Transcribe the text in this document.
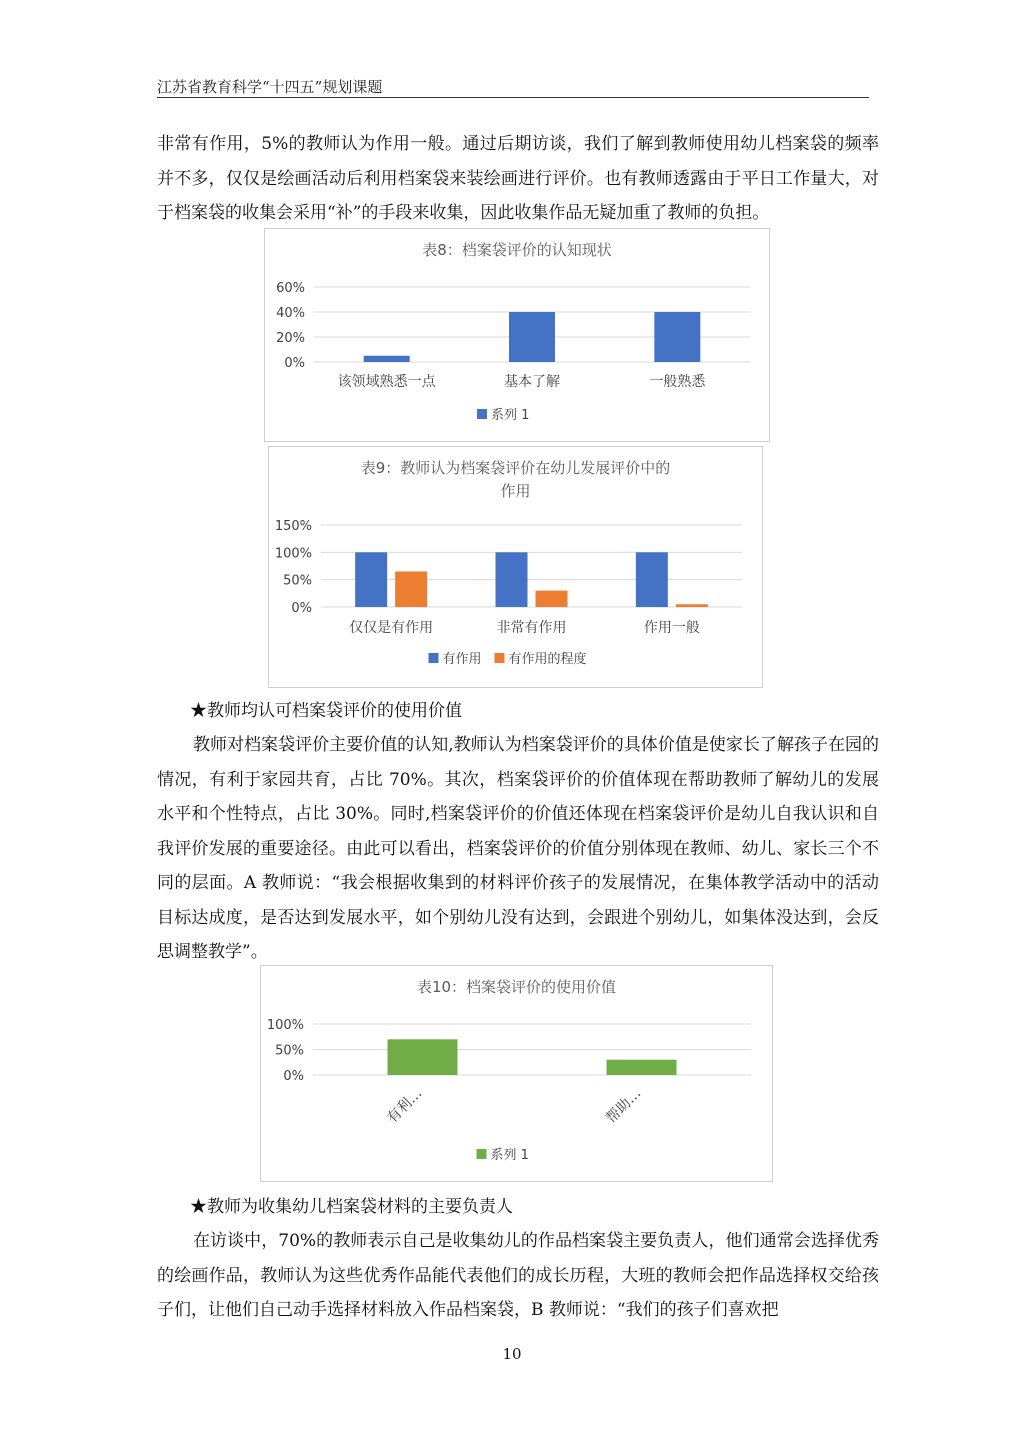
江苏省教育科学“十四五”规划课题

非常有作用，5%的教师认为作用一般。通过后期访谈，我们了解到教师使用幼儿档案袋的频率并不多，仅仅是绘画活动后利用档案袋来装绘画进行评价。也有教师透露由于平日工作量大，对于档案袋的收集会采用“补”的手段来收集，因此收集作品无疑加重了教师的负担。

表8：档案袋评价的认知现状
0%
20%
40%
60%
该领域熟悉一点	基本了解	一般熟悉
系列 1
表9：教师认为档案袋评价在幼儿发展评价中的
作用
0%
50%
100%
150%
仅仅是有作用	非常有作用	作用一般
有作用 有作用的程度
★教师均认可档案袋评价的使用价值

教师对档案袋评价主要价值的认知,教师认为档案袋评价的具体价值是使家长了解孩子在园的情况，有利于家园共育，占比 70%。其次，档案袋评价的价值体现在帮助教师了解幼儿的发展水平和个性特点，占比 30%。同时,档案袋评价的价值还体现在档案袋评价是幼儿自我认识和自我评价发展的重要途径。由此可以看出，档案袋评价的价值分别体现在教师、幼儿、家长三个不同的层面。A 教师说：“我会根据收集到的材料评价孩子的发展情况，在集体教学活动中的活动目标达成度，是否达到发展水平，如个别幼儿没有达到，会跟进个别幼儿，如集体没达到，会反思调整教学”。

表10：档案袋评价的使用价值
0%
50%
100%
有利…	帮助…
系列 1
★教师为收集幼儿档案袋材料的主要负责人

在访谈中，70%的教师表示自己是收集幼儿的作品档案袋主要负责人，他们通常会选择优秀的绘画作品，教师认为这些优秀作品能代表他们的成长历程，大班的教师会把作品选择权交给孩子们，让他们自己动手选择材料放入作品档案袋，B 教师说：“我们的孩子们喜欢把

10
